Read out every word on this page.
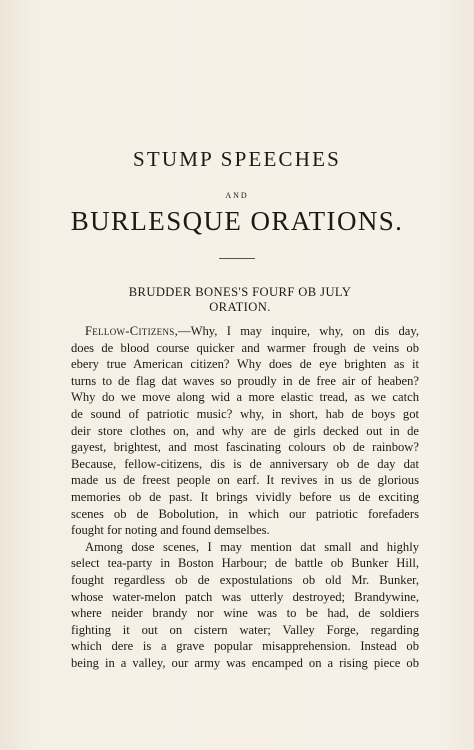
STUMP SPEECHES
AND
BURLESQUE ORATIONS.
BRUDDER BONES'S FOURF OB JULY
ORATION.
Fellow-Citizens,—Why, I may inquire, why, on dis day,
does de blood course quicker and warmer frough de veins ob
ebery true American citizen? Why does de eye brighten as it
turns to de flag dat waves so proudly in de free air of heaben?
Why do we move along wid a more elastic tread, as we catch
de sound of patriotic music? why, in short, hab de boys got
deir store clothes on, and why are de girls decked out in de
gayest, brightest, and most fascinating colours ob de rainbow?
Because, fellow-citizens, dis is de anniversary ob de day dat
made us de freest people on earf. It revives in us de glorious
memories ob de past. It brings vividly before us de exciting
scenes ob de Bobolution, in which our patriotic forefaders
fought for noting and found demselbes.
Among dose scenes, I may mention dat small and highly
select tea-party in Boston Harbour; de battle ob Bunker Hill,
fought regardless ob de expostulations ob old Mr. Bunker,
whose water-melon patch was utterly destroyed; Brandywine,
where neider brandy nor wine was to be had, de soldiers
fighting it out on cistern water; Valley Forge, regarding
which dere is a grave popular misapprehension. Instead ob
being in a valley, our army was encamped on a rising piece ob
